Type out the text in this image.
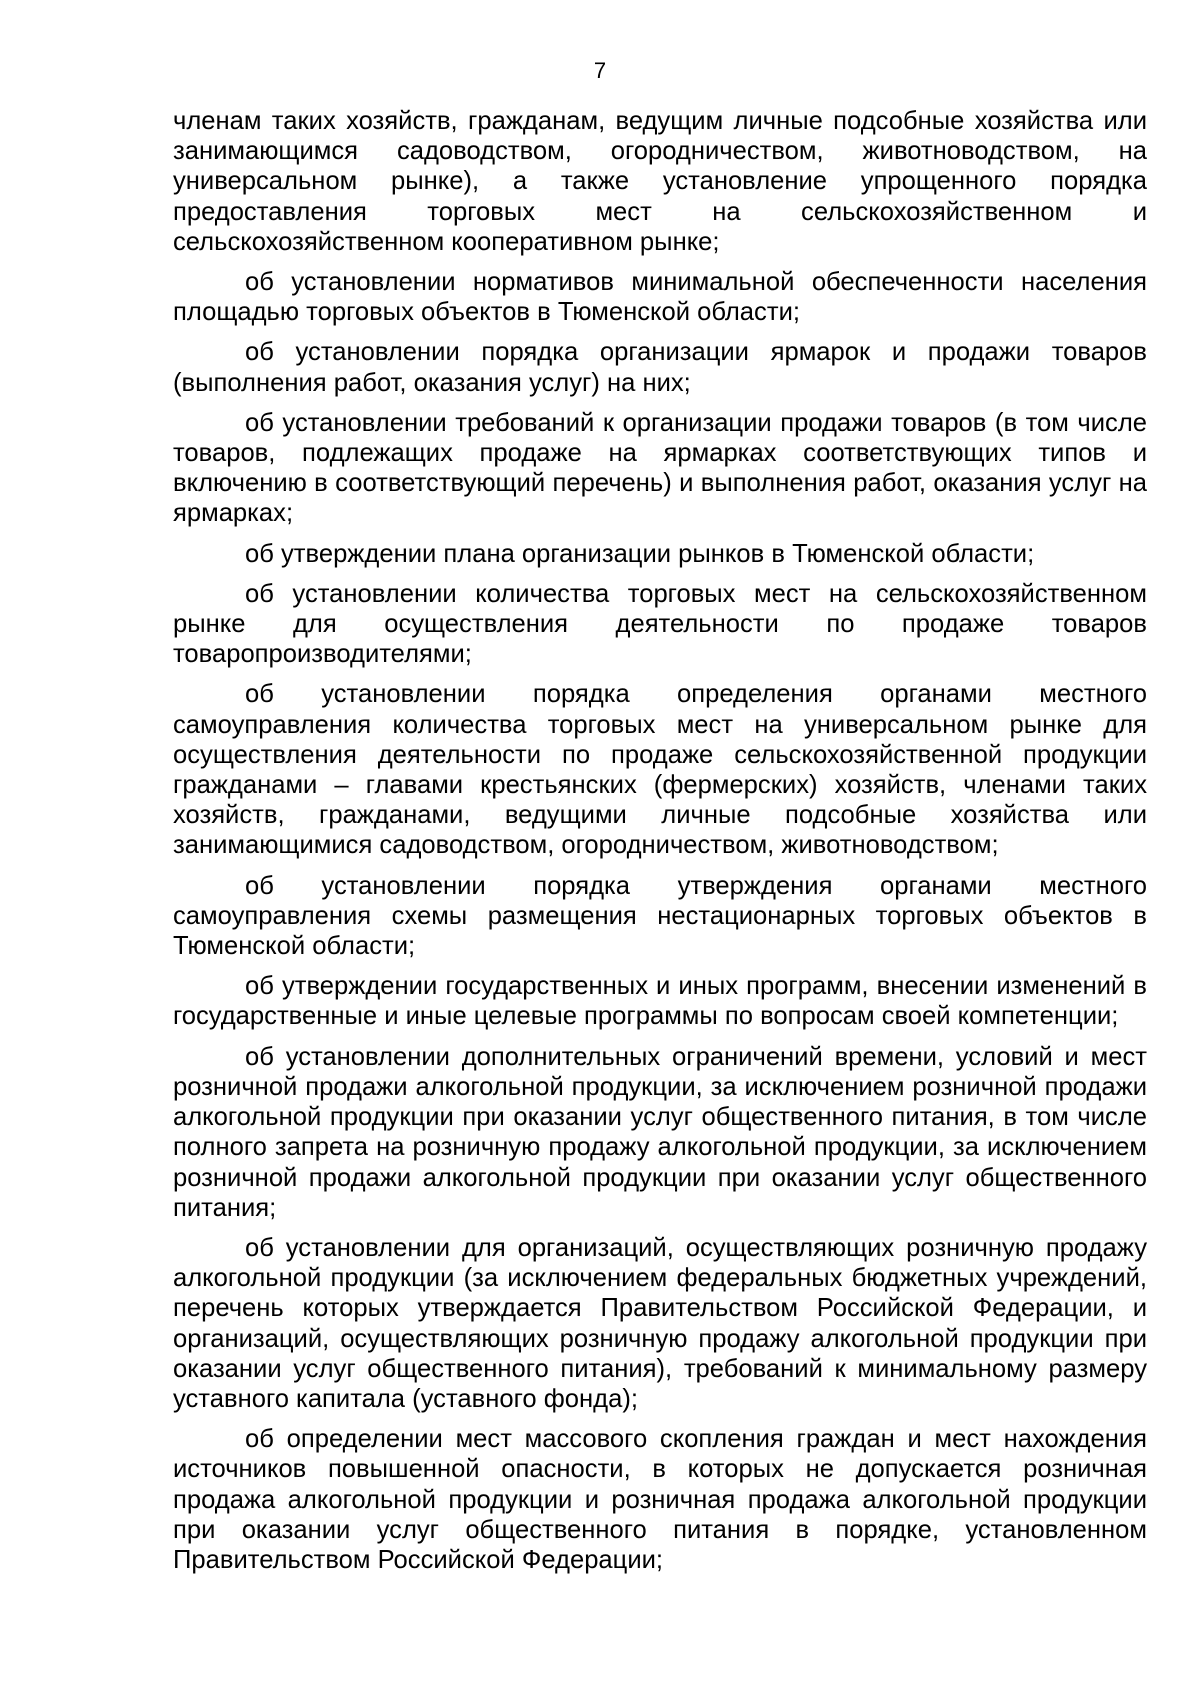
7

членам таких хозяйств, гражданам, ведущим личные подсобные хозяйства или занимающимся садоводством, огородничеством, животноводством, на универсальном рынке), а также установление упрощенного порядка предоставления торговых мест на сельскохозяйственном и сельскохозяйственном кооперативном рынке;

об установлении нормативов минимальной обеспеченности населения площадью торговых объектов в Тюменской области;

об установлении порядка организации ярмарок и продажи товаров (выполнения работ, оказания услуг) на них;

об установлении требований к организации продажи товаров (в том числе товаров, подлежащих продаже на ярмарках соответствующих типов и включению в соответствующий перечень) и выполнения работ, оказания услуг на ярмарках;

об утверждении плана организации рынков в Тюменской области;

об установлении количества торговых мест на сельскохозяйственном рынке для осуществления деятельности по продаже товаров товаропроизводителями;

об установлении порядка определения органами местного самоуправления количества торговых мест на универсальном рынке для осуществления деятельности по продаже сельскохозяйственной продукции гражданами – главами крестьянских (фермерских) хозяйств, членами таких хозяйств, гражданами, ведущими личные подсобные хозяйства или занимающимися садоводством, огородничеством, животноводством;

об установлении порядка утверждения органами местного самоуправления схемы размещения нестационарных торговых объектов в Тюменской области;

об утверждении государственных и иных программ, внесении изменений в государственные и иные целевые программы по вопросам своей компетенции;

об установлении дополнительных ограничений времени, условий и мест розничной продажи алкогольной продукции, за исключением розничной продажи алкогольной продукции при оказании услуг общественного питания, в том числе полного запрета на розничную продажу алкогольной продукции, за исключением розничной продажи алкогольной продукции при оказании услуг общественного питания;

об установлении для организаций, осуществляющих розничную продажу алкогольной продукции (за исключением федеральных бюджетных учреждений, перечень которых утверждается Правительством Российской Федерации, и организаций, осуществляющих розничную продажу алкогольной продукции при оказании услуг общественного питания), требований к минимальному размеру уставного капитала (уставного фонда);

об определении мест массового скопления граждан и мест нахождения источников повышенной опасности, в которых не допускается розничная продажа алкогольной продукции и розничная продажа алкогольной продукции при оказании услуг общественного питания в порядке, установленном Правительством Российской Федерации;
